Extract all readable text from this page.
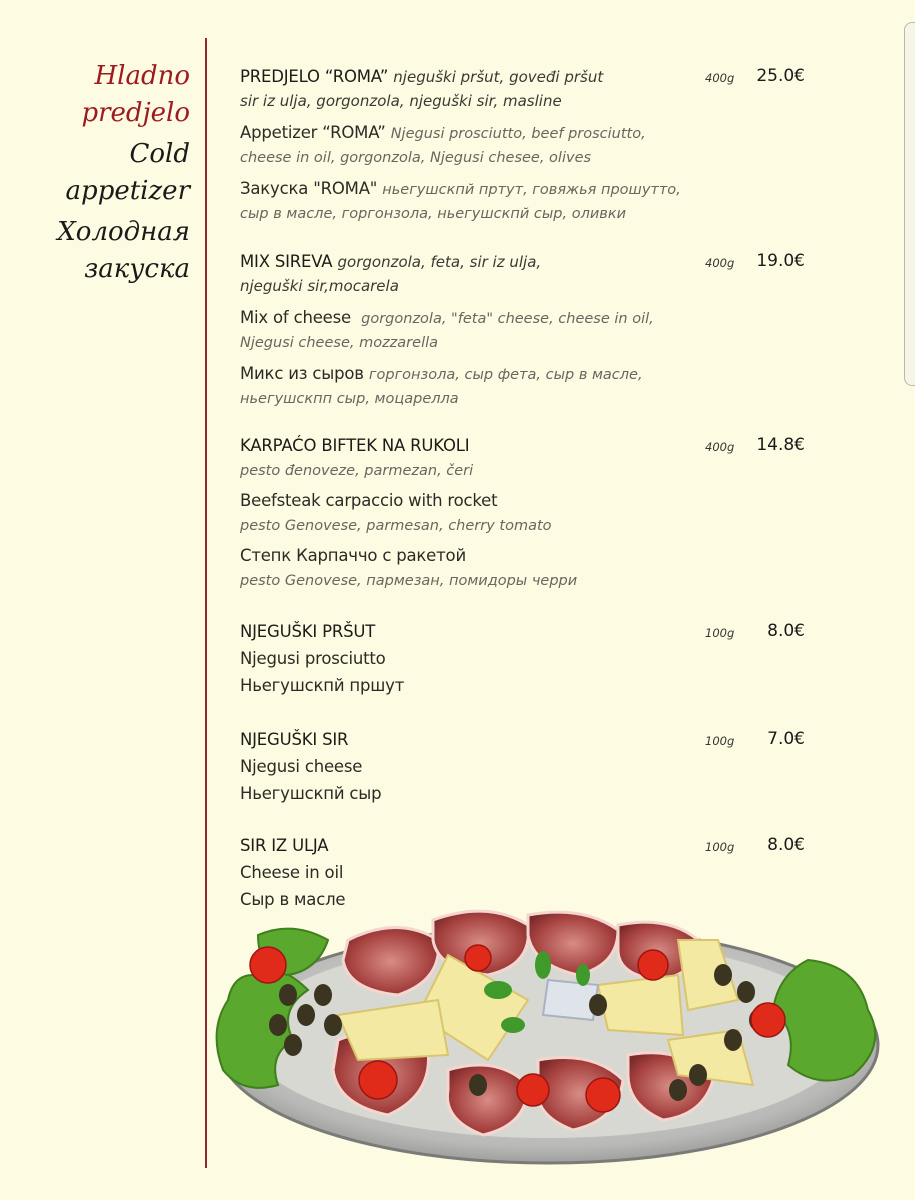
Hladno
predjelo
Cold appetizer
Холодная
закуска
PREDJELO “ROMA” njeguški pršut, goveđi pršut	400g 25.0€
sir iz ulja, gorgonzola, njeguški sir, masline
Appetizer “ROMA” Njegusi prosciutto, beef prosciutto,
cheese in oil, gorgonzola, Njegusi chesee, olives
Закуска "ROMA" ньегушскпй пртут, говяжья прошутто,
сыр в масле, горгонзола, ньегушскпй сыр, оливки
MIX SIREVA gorgonzola, feta, sir iz ulja,	400g 19.0€
njeguški sir,mocarela
Mix of cheese gorgonzola, "feta" cheese, cheese in oil,
Njegusi cheese, mozzarella
Микс из сыров горгонзола, сыр фета, сыр в масле,
ньегушскпп сыр, моцарелла
KARPAĆO BIFTEK NA RUKOLI	400g 14.8€
pesto đenoveze, parmezan, čeri
Beefsteak carpaccio with rocket
pesto Genovese, parmesan, cherry tomato
Степк Карпаччо с ракетой
pesto Genovese, пармезан, помидоры черри
NJEGUŠKI PRŠUT	100g 8.0€
Njegusi prosciutto
Ньегушскпй пршут
NJEGUŠKI SIR	100g 7.0€
Njegusi cheese
Ньегушскпй сыр
SIR IZ ULJA	100g 8.0€
Cheese in oil
Сыр в масле
